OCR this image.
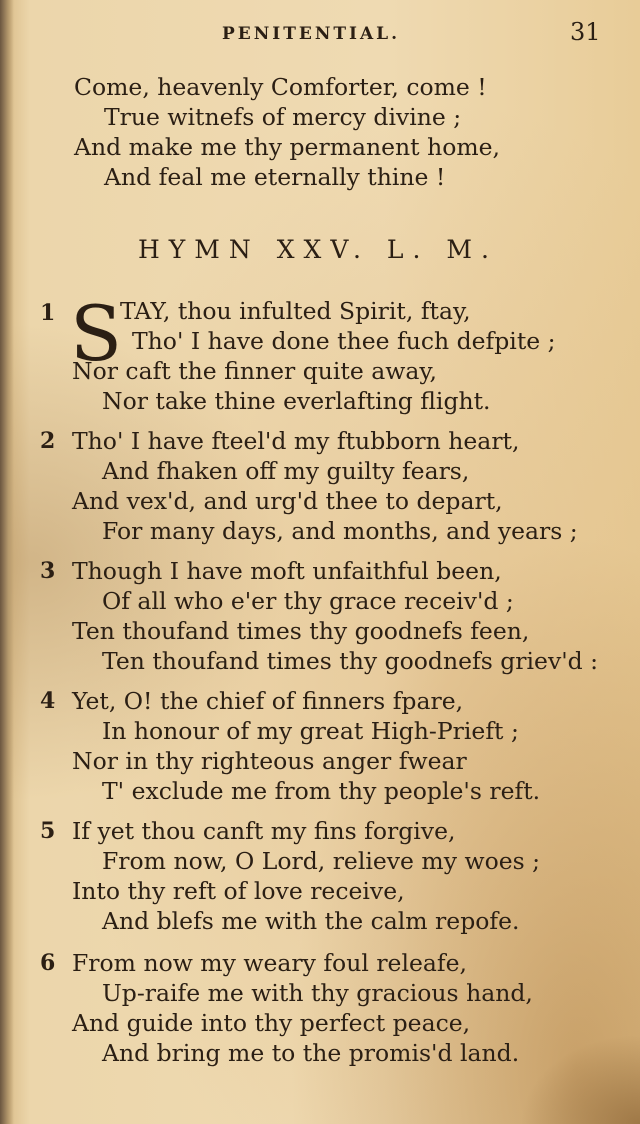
PENITENTIAL.	31
Come, heavenly Comforter, come !
True witnefs of mercy divine ;
And make me thy permanent home,
And feal me eternally thine !
HYMN XXV. L. M.
1 S
TAY, thou infulted Spirit, ftay,
Tho' I have done thee fuch defpite ;
Nor caft the finner quite away,
Nor take thine everlafting flight.
2 Tho' I have fteel'd my ftubborn heart,
And fhaken off my guilty fears,
And vex'd, and urg'd thee to depart,
For many days, and months, and years ;
3 Though I have moft unfaithful been,
Of all who e'er thy grace receiv'd ;
Ten thoufand times thy goodnefs feen,
Ten thoufand times thy goodnefs griev'd :
4 Yet, O! the chief of finners fpare,
In honour of my great High-Prieft ;
Nor in thy righteous anger fwear
T' exclude me from thy people's reft.
5 If yet thou canft my fins forgive,
From now, O Lord, relieve my woes ;
Into thy reft of love receive,
And blefs me with the calm repofe.
6 From now my weary foul releafe,
Up-raife me with thy gracious hand,
And guide into thy perfect peace,
And bring me to the promis'd land.
